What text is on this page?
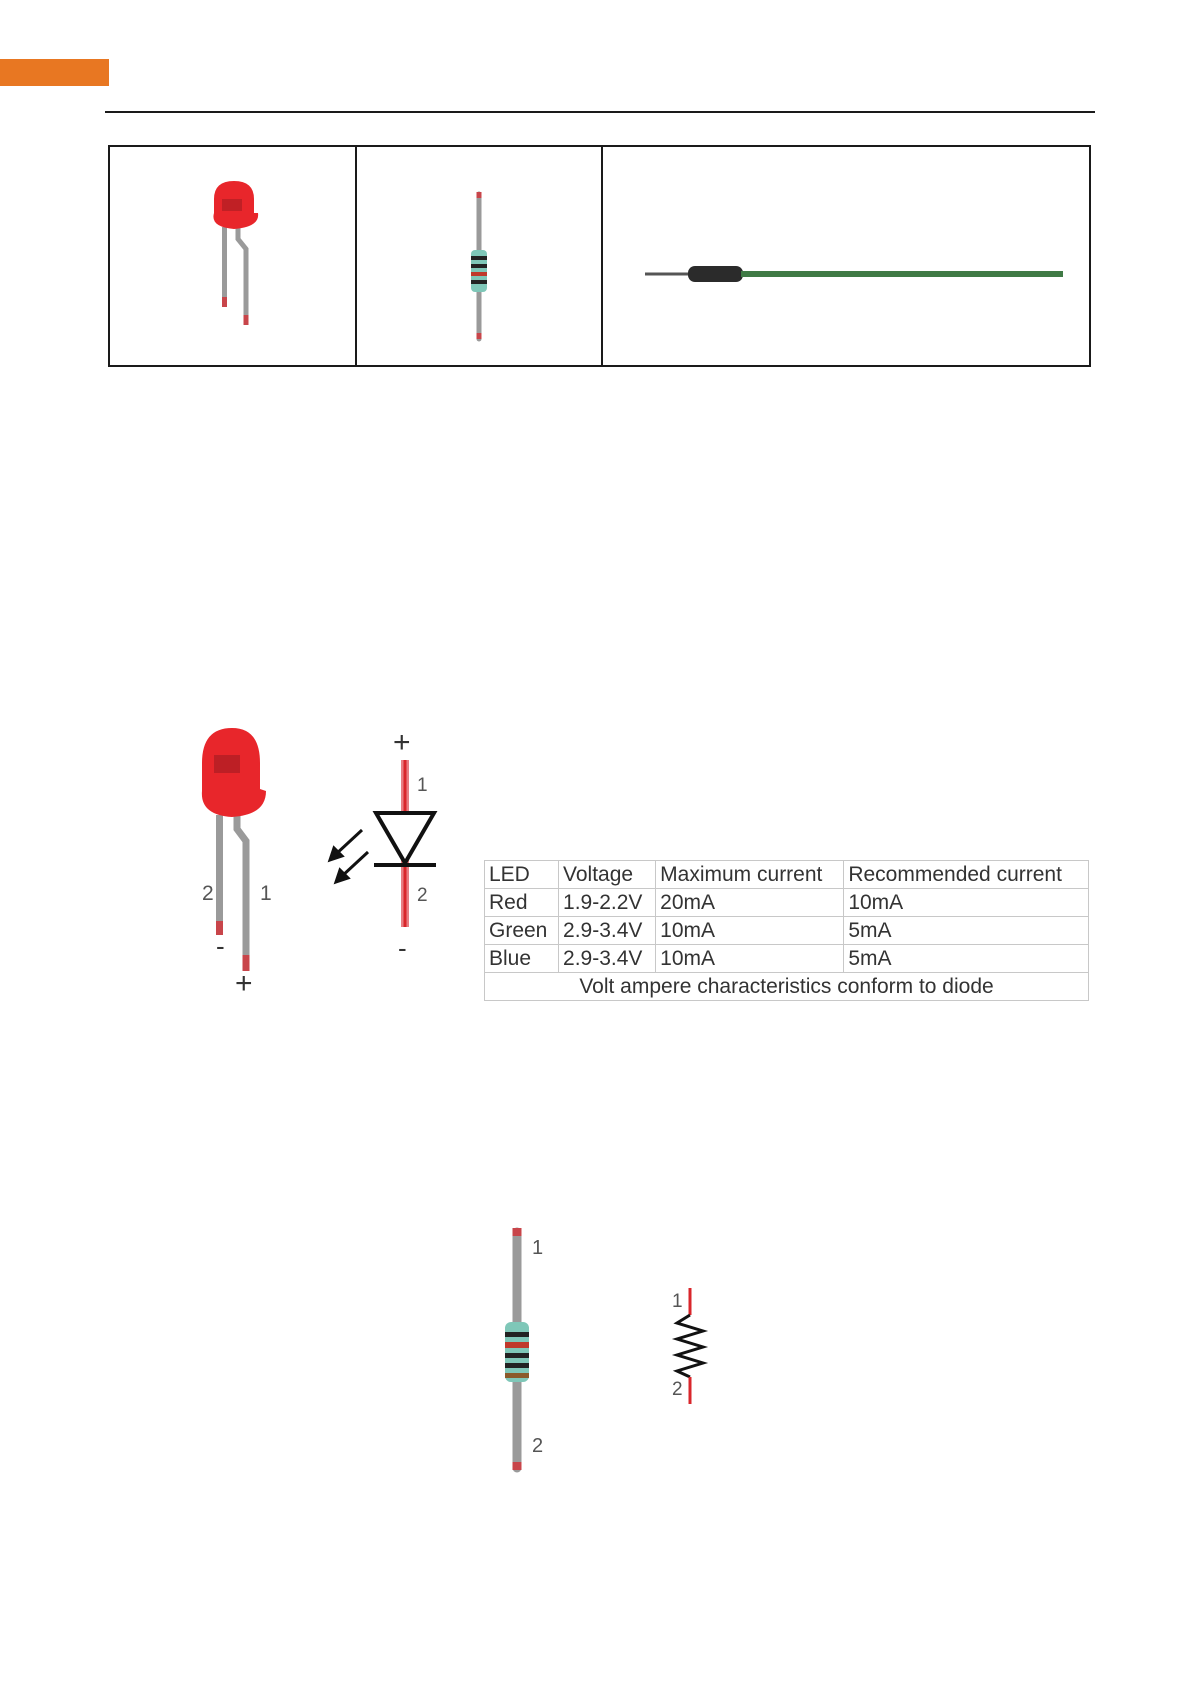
2 1
-
+
+
1
2
-
LED	Voltage	Maximum current	Recommended current
Red	1.9-2.2V	20mA	10mA
Green	2.9-3.4V	10mA	5mA
Blue	2.9-3.4V	10mA	5mA
Volt ampere characteristics conform to diode			
1
2
1
2
